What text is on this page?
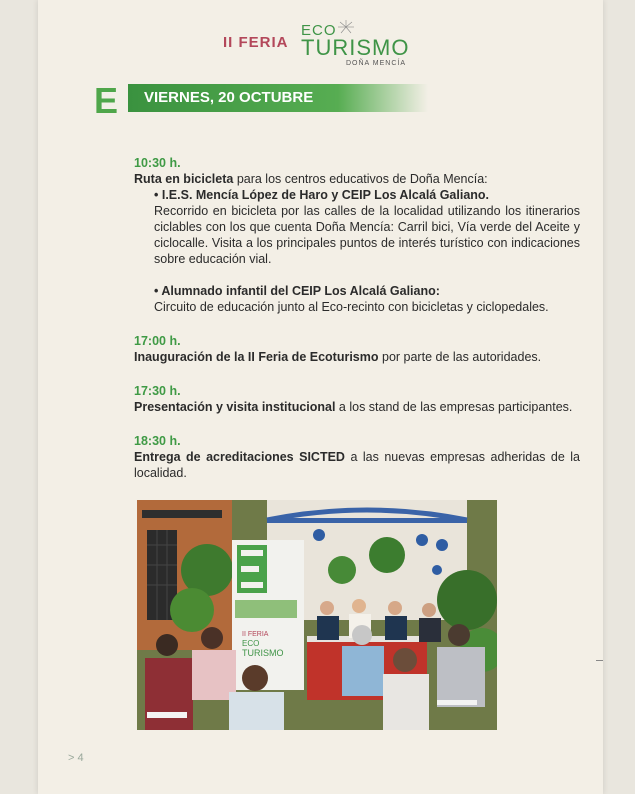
II FERIA
ECO
TURISMO
DOÑA MENCÍA
E VIERNES, 20 OCTUBRE
10:30 h.
Ruta en bicicleta para los centros educativos de Doña Mencía:
• I.E.S. Mencía López de Haro y CEIP Los Alcalá Galiano.
Recorrido en bicicleta por las calles de la localidad utilizando los itinerarios ciclables con los que cuenta Doña Mencía: Carril bici, Vía verde del Aceite y ciclocalle. Visita a los principales puntos de interés turístico con indicaciones sobre educación vial.
• Alumnado infantil del CEIP Los Alcalá Galiano:
Circuito de educación junto al Eco-recinto con bicicletas y ciclopedales.
17:00 h.
Inauguración de la II Feria de Ecoturismo por parte de las autoridades.
17:30 h.
Presentación y visita institucional a los stand de las empresas participantes.
18:30 h.
Entrega de acreditaciones SICTED a las nuevas empresas adheridas de la localidad.
II FERIA
ECO
TURISMO
> 4
